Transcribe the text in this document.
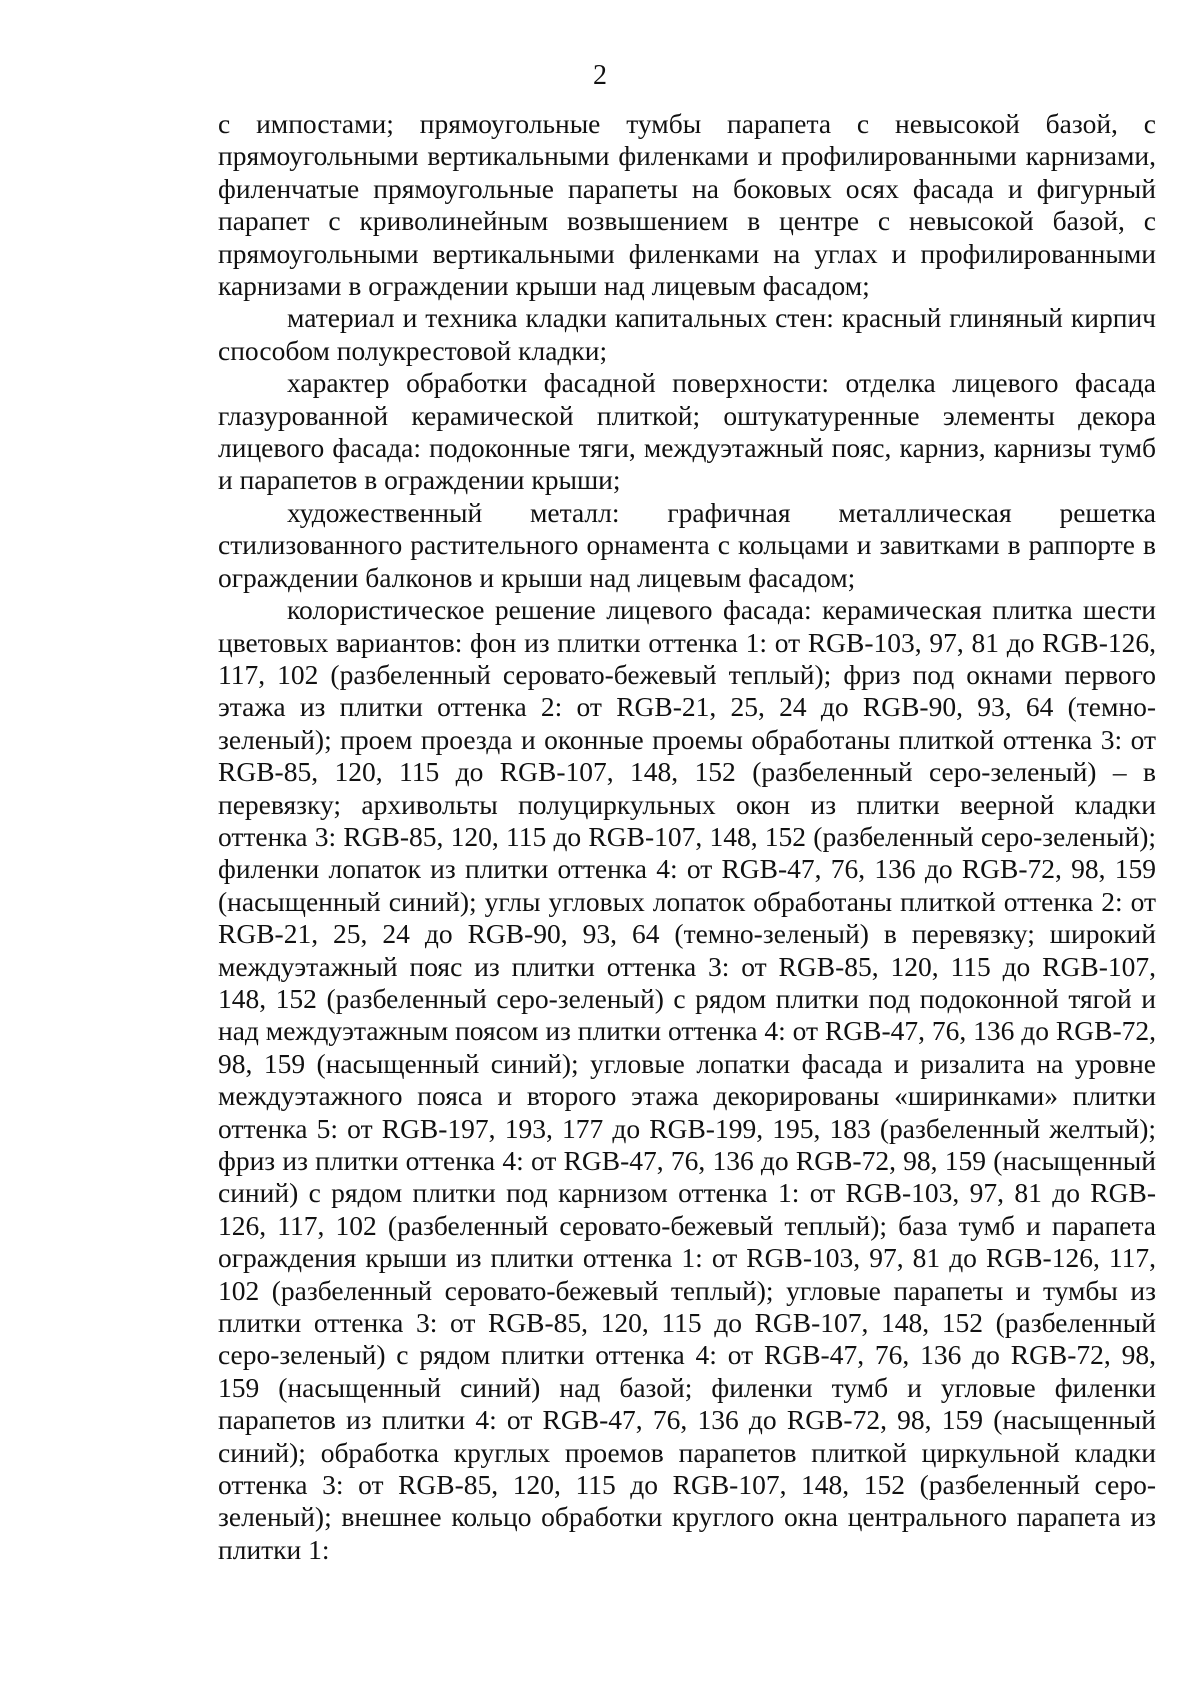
2

с импостами; прямоугольные тумбы парапета с невысокой базой, с прямоугольными вертикальными филенками и профилированными карнизами, филенчатые прямоугольные парапеты на боковых осях фасада и фигурный парапет с криволинейным возвышением в центре с невысокой базой, с прямоугольными вертикальными филенками на углах и профилированными карнизами в ограждении крыши над лицевым фасадом;

материал и техника кладки капитальных стен: красный глиняный кирпич способом полукрестовой кладки;

характер обработки фасадной поверхности: отделка лицевого фасада глазурованной керамической плиткой; оштукатуренные элементы декора лицевого фасада: подоконные тяги, междуэтажный пояс, карниз, карнизы тумб и парапетов в ограждении крыши;

художественный металл: графичная металлическая решетка стилизованного растительного орнамента с кольцами и завитками в раппорте в ограждении балконов и крыши над лицевым фасадом;

колористическое решение лицевого фасада: керамическая плитка шести цветовых вариантов: фон из плитки оттенка 1: от RGB-103, 97, 81 до RGB-126, 117, 102 (разбеленный серовато-бежевый теплый); фриз под окнами первого этажа из плитки оттенка 2: от RGB-21, 25, 24 до RGB-90, 93, 64 (темно-зеленый); проем проезда и оконные проемы обработаны плиткой оттенка 3: от RGB-85, 120, 115 до RGB-107, 148, 152 (разбеленный серо-зеленый) – в перевязку; архивольты полуциркульных окон из плитки веерной кладки оттенка 3: RGB-85, 120, 115 до RGB-107, 148, 152 (разбеленный серо-зеленый); филенки лопаток из плитки оттенка 4: от RGB-47, 76, 136 до RGB-72, 98, 159 (насыщенный синий); углы угловых лопаток обработаны плиткой оттенка 2: от RGB-21, 25, 24 до RGB-90, 93, 64 (темно-зеленый) в перевязку; широкий междуэтажный пояс из плитки оттенка 3: от RGB-85, 120, 115 до RGB-107, 148, 152 (разбеленный серо-зеленый) с рядом плитки под подоконной тягой и над междуэтажным поясом из плитки оттенка 4: от RGB-47, 76, 136 до RGB-72, 98, 159 (насыщенный синий); угловые лопатки фасада и ризалита на уровне междуэтажного пояса и второго этажа декорированы «ширинками» плитки оттенка 5: от RGB-197, 193, 177 до RGB-199, 195, 183 (разбеленный желтый); фриз из плитки оттенка 4: от RGB-47, 76, 136 до RGB-72, 98, 159 (насыщенный синий) с рядом плитки под карнизом оттенка 1: от RGB-103, 97, 81 до RGB-126, 117, 102 (разбеленный серовато-бежевый теплый); база тумб и парапета ограждения крыши из плитки оттенка 1: от RGB-103, 97, 81 до RGB-126, 117, 102 (разбеленный серовато-бежевый теплый); угловые парапеты и тумбы из плитки оттенка 3: от RGB-85, 120, 115 до RGB-107, 148, 152 (разбеленный серо-зеленый) с рядом плитки оттенка 4: от RGB-47, 76, 136 до RGB-72, 98, 159 (насыщенный синий) над базой; филенки тумб и угловые филенки парапетов из плитки 4: от RGB-47, 76, 136 до RGB-72, 98, 159 (насыщенный синий); обработка круглых проемов парапетов плиткой циркульной кладки оттенка 3: от RGB-85, 120, 115 до RGB-107, 148, 152 (разбеленный серо-зеленый); внешнее кольцо обработки круглого окна центрального парапета из плитки 1:
